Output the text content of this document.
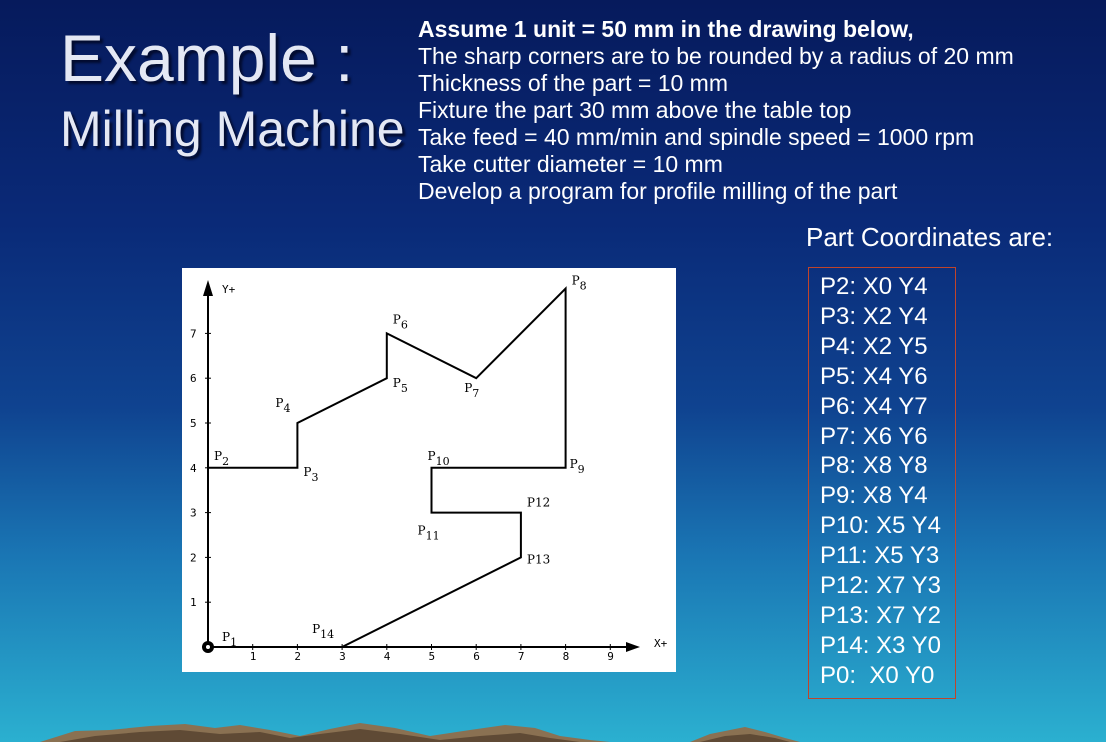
Example :
Milling Machine
Assume 1 unit = 50 mm in the drawing below,
The sharp corners are to be rounded by a radius of 20 mm
Thickness of the part = 10 mm
Fixture the part 30 mm above the table top
Take feed = 40 mm/min and spindle speed = 1000 rpm
Take cutter diameter = 10 mm
Develop a program for profile milling of the part
Part Coordinates are:
P2: X0 Y4
P3: X2 Y4
P4: X2 Y5
P5: X4 Y6
P6: X4 Y7
P7: X6 Y6
P8: X8 Y8
P9: X8 Y4
P10: X5 Y4
P11: X5 Y3
P12: X7 Y3
P13: X7 Y2
P14: X3 Y0
P0:  X0 Y0
Y+
X+
1	2	3	4	5	6	7	8	9
1
2
3
4
5
6
7
P1
P2
P3
P4
P5
P6
P7
P8
P9
P10
P11
P12
P13
P14
